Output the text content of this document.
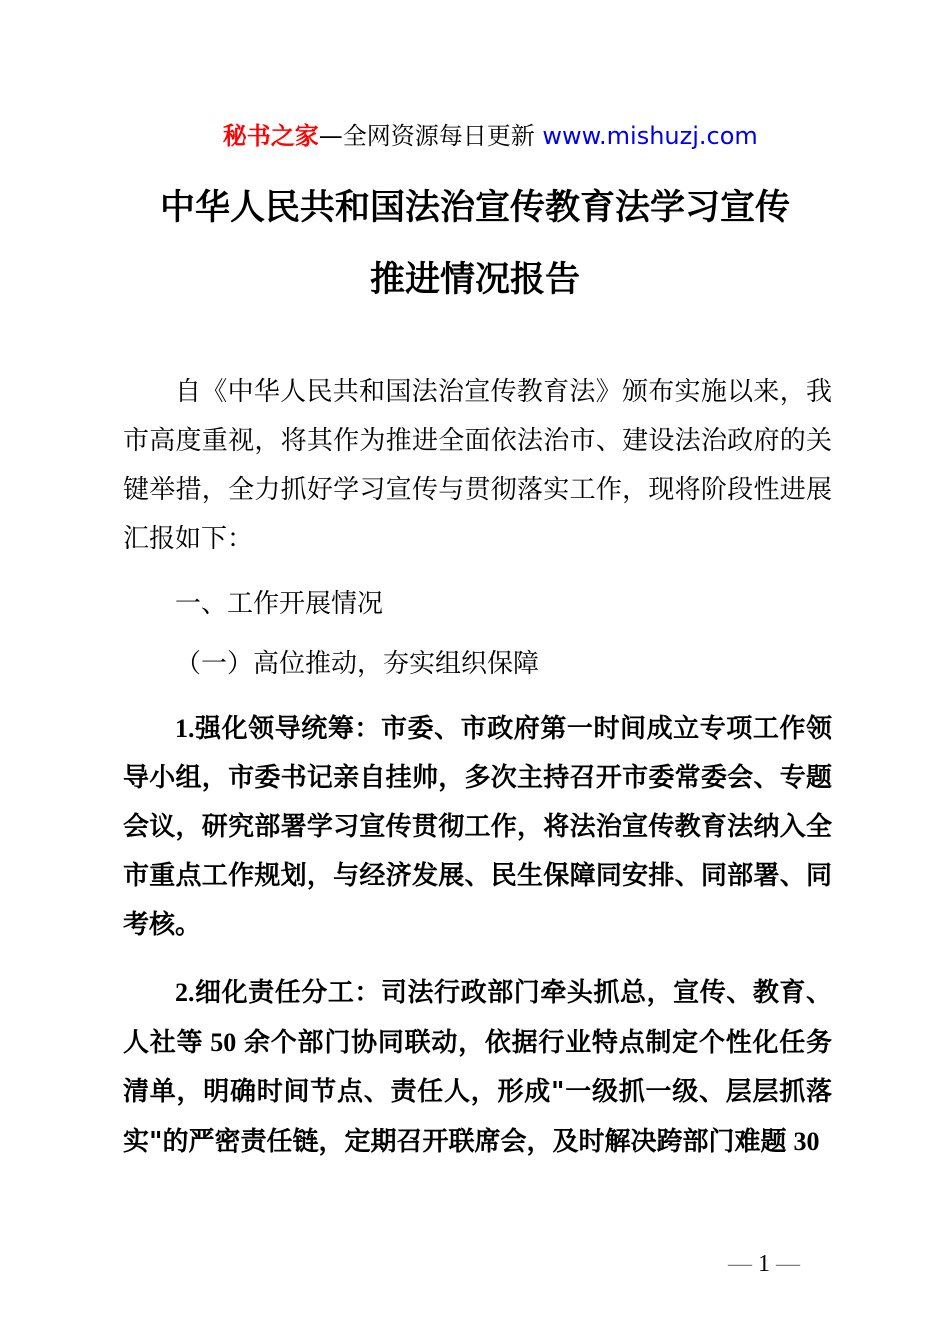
秘书之家—全网资源每日更新 www.mishuzj.com

中华人民共和国法治宣传教育法学习宣传
推进情况报告

自《中华人民共和国法治宣传教育法》颁布实施以来，我市高度重视，将其作为推进全面依法治市、建设法治政府的关键举措，全力抓好学习宣传与贯彻落实工作，现将阶段性进展汇报如下：

一、工作开展情况

（一）高位推动，夯实组织保障

1.强化领导统筹：市委、市政府第一时间成立专项工作领导小组，市委书记亲自挂帅，多次主持召开市委常委会、专题会议，研究部署学习宣传贯彻工作，将法治宣传教育法纳入全市重点工作规划，与经济发展、民生保障同安排、同部署、同考核。

2.细化责任分工：司法行政部门牵头抓总，宣传、教育、人社等 50 余个部门协同联动，依据行业特点制定个性化任务清单，明确时间节点、责任人，形成"一级抓一级、层层抓落实"的严密责任链，定期召开联席会，及时解决跨部门难题 30

— 1 —
